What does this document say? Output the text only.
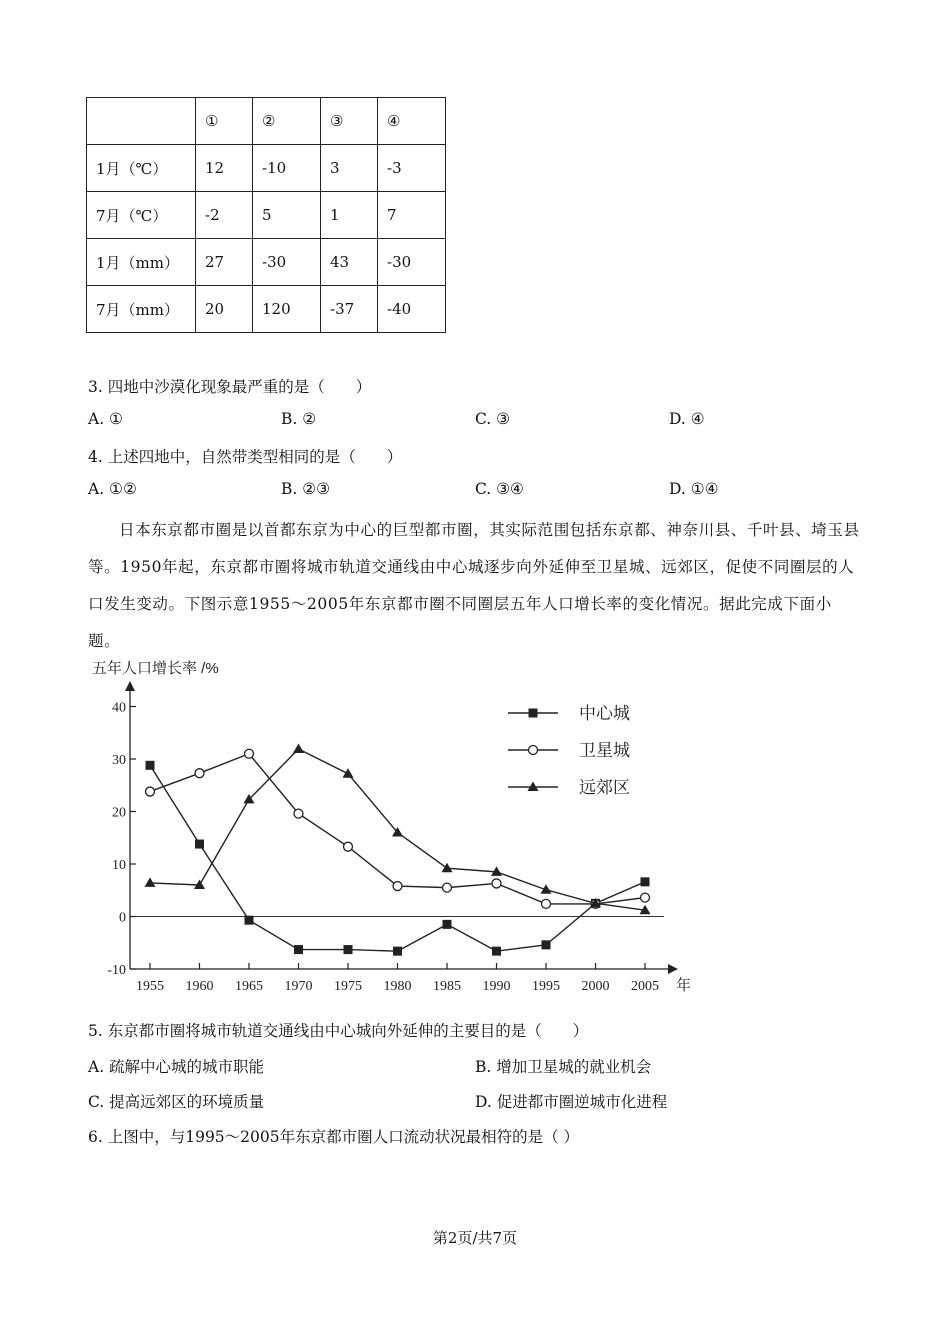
	①	②	③	④
1月（℃）	12	-10	3	-3
7月（℃）	-2	5	1	7
1月（mm）	27	-30	43	-30
7月（mm）	20	120	-37	-40
3. 四地中沙漠化现象最严重的是（　　）
A. ①	B. ②	C. ③	D. ④
4. 上述四地中，自然带类型相同的是（　　）
A. ①②	B. ②③	C. ③④	D. ①④
日本东京都市圈是以首都东京为中心的巨型都市圈，其实际范围包括东京都、神奈川县、千叶县、埼玉县等。1950年起，东京都市圈将城市轨道交通线由中心城逐步向外延伸至卫星城、远郊区，促使不同圈层的人口发生变动。下图示意1955～2005年东京都市圈不同圈层五年人口增长率的变化情况。据此完成下面小题。
五年人口增长率 /%
-10
0
10
20
30
40
1955 1960 1965 1970 1975 1980 1985 1990 1995 2000 2005 年
中心城
卫星城
远郊区
5. 东京都市圈将城市轨道交通线由中心城向外延伸的主要目的是（　　）
A. 疏解中心城的城市职能	B. 增加卫星城的就业机会
C. 提高远郊区的环境质量	D. 促进都市圈逆城市化进程
6. 上图中，与1995～2005年东京都市圈人口流动状况最相符的是（ ）
第2页/共7页
